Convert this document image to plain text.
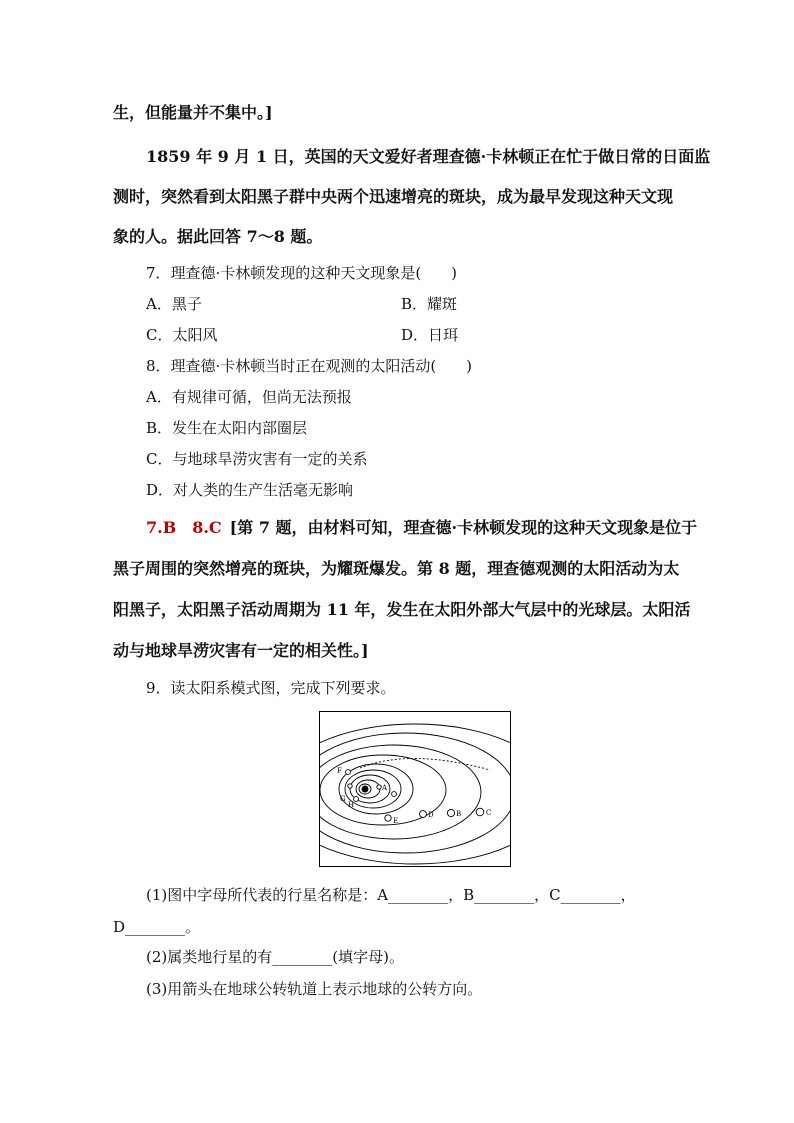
生，但能量并不集中。]
1859 年 9 月 1 日，英国的天文爱好者理查德·卡林顿正在忙于做日常的日面监
测时，突然看到太阳黑子群中央两个迅速增亮的斑块，成为最早发现这种天文现
象的人。据此回答 7～8 题。
7．理查德·卡林顿发现的这种天文现象是(　　)
A．黑子	B．耀斑
C．太阳风	D．日珥
8．理查德·卡林顿当时正在观测的太阳活动(　　)
A．有规律可循，但尚无法预报
B．发生在太阳内部圈层
C．与地球旱涝灾害有一定的关系
D．对人类的生产生活毫无影响
7.B　8.C  [第 7 题，由材料可知，理查德·卡林顿发现的这种天文现象是位于
黑子周围的突然增亮的斑块，为耀斑爆发。第 8 题，理查德观测的太阳活动为太
阳黑子，太阳黑子活动周期为 11 年，发生在太阳外部大气层中的光球层。太阳活
动与地球旱涝灾害有一定的相关性。]
9．读太阳系模式图，完成下列要求。
A
B	C
D
E
F
G
H
(1)图中字母所代表的行星名称是：A________，B________，C________，
D________。
(2)属类地行星的有________(填字母)。
(3)用箭头在地球公转轨道上表示地球的公转方向。
